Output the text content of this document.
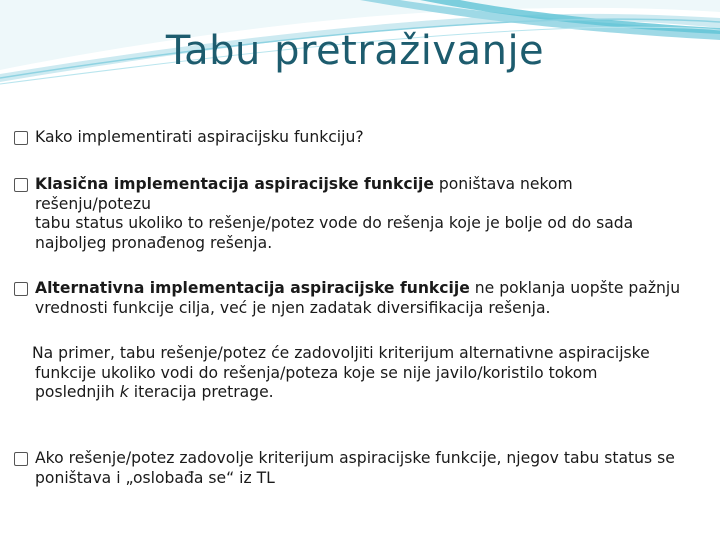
Tabu pretraživanje
Kako implementirati aspiracijsku funkciju?
Klasična implementacija aspiracijske funkcije poništava nekom rešenju/potezu
tabu status ukoliko to rešenje/potez vode do rešenja koje je bolje od do sada
najboljeg pronađenog rešenja.
Alternativna implementacija aspiracijske funkcije ne poklanja uopšte pažnju
vrednosti funkcije cilja, već je njen zadatak diversifikacija rešenja.
Na primer, tabu rešenje/potez će zadovoljiti kriterijum alternativne aspiracijske
funkcije ukoliko vodi do rešenja/poteza koje se nije javilo/koristilo tokom
poslednjih k iteracija pretrage.
Ako rešenje/potez zadovolje kriterijum aspiracijske funkcije, njegov tabu status se
poništava i „oslobađa se“ iz TL
